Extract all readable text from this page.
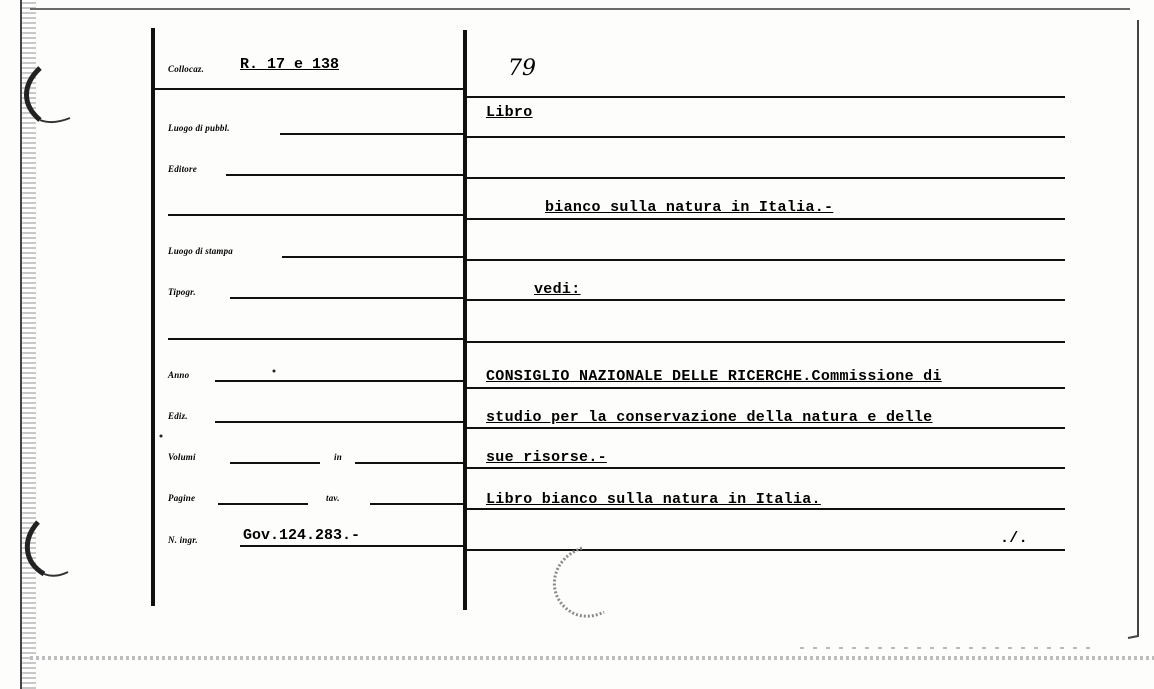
Collocaz. R. 17 e 138
Luogo di pubbl.
Editore
Luogo di stampa
Tipogr.
Anno
Ediz.
Volumi	in
Pagine	tav.
N. ingr.	Gov.124.283.-
79
Libro
bianco sulla natura in Italia.-
vedi:
CONSIGLIO NAZIONALE DELLE RICERCHE.Commissione di
studio per la conservazione della natura e delle
sue risorse.-
Libro bianco sulla natura in Italia.
./.
